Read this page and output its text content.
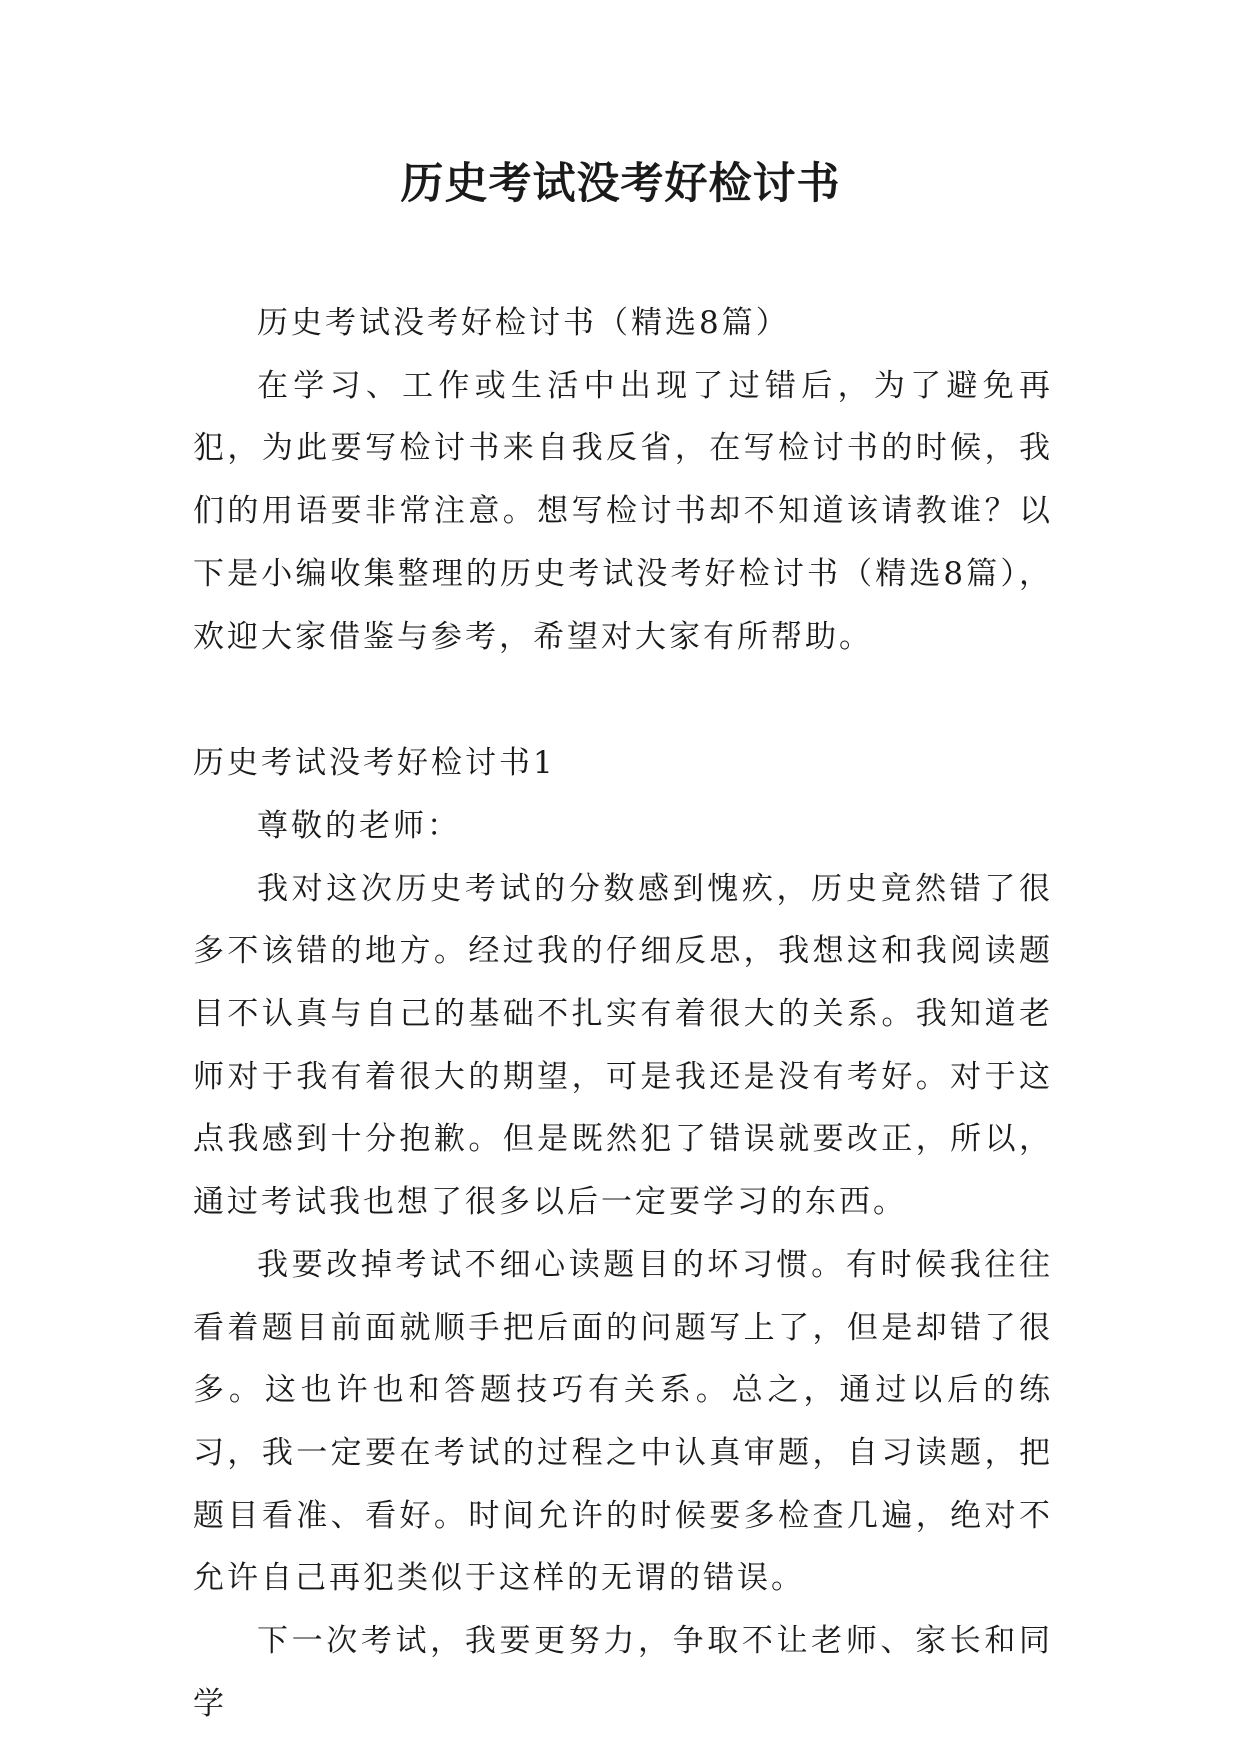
历史考试没考好检讨书

历史考试没考好检讨书（精选8篇）

在学习、工作或生活中出现了过错后，为了避免再犯，为此要写检讨书来自我反省，在写检讨书的时候，我们的用语要非常注意。想写检讨书却不知道该请教谁？以下是小编收集整理的历史考试没考好检讨书（精选8篇），欢迎大家借鉴与参考，希望对大家有所帮助。

历史考试没考好检讨书1

尊敬的老师：

我对这次历史考试的分数感到愧疚，历史竟然错了很多不该错的地方。经过我的仔细反思，我想这和我阅读题目不认真与自己的基础不扎实有着很大的关系。我知道老师对于我有着很大的期望，可是我还是没有考好。对于这点我感到十分抱歉。但是既然犯了错误就要改正，所以，通过考试我也想了很多以后一定要学习的东西。

我要改掉考试不细心读题目的坏习惯。有时候我往往看着题目前面就顺手把后面的问题写上了，但是却错了很多。这也许也和答题技巧有关系。总之，通过以后的练习，我一定要在考试的过程之中认真审题，自习读题，把题目看准、看好。时间允许的时候要多检查几遍，绝对不允许自己再犯类似于这样的无谓的错误。

下一次考试，我要更努力，争取不让老师、家长和同学
